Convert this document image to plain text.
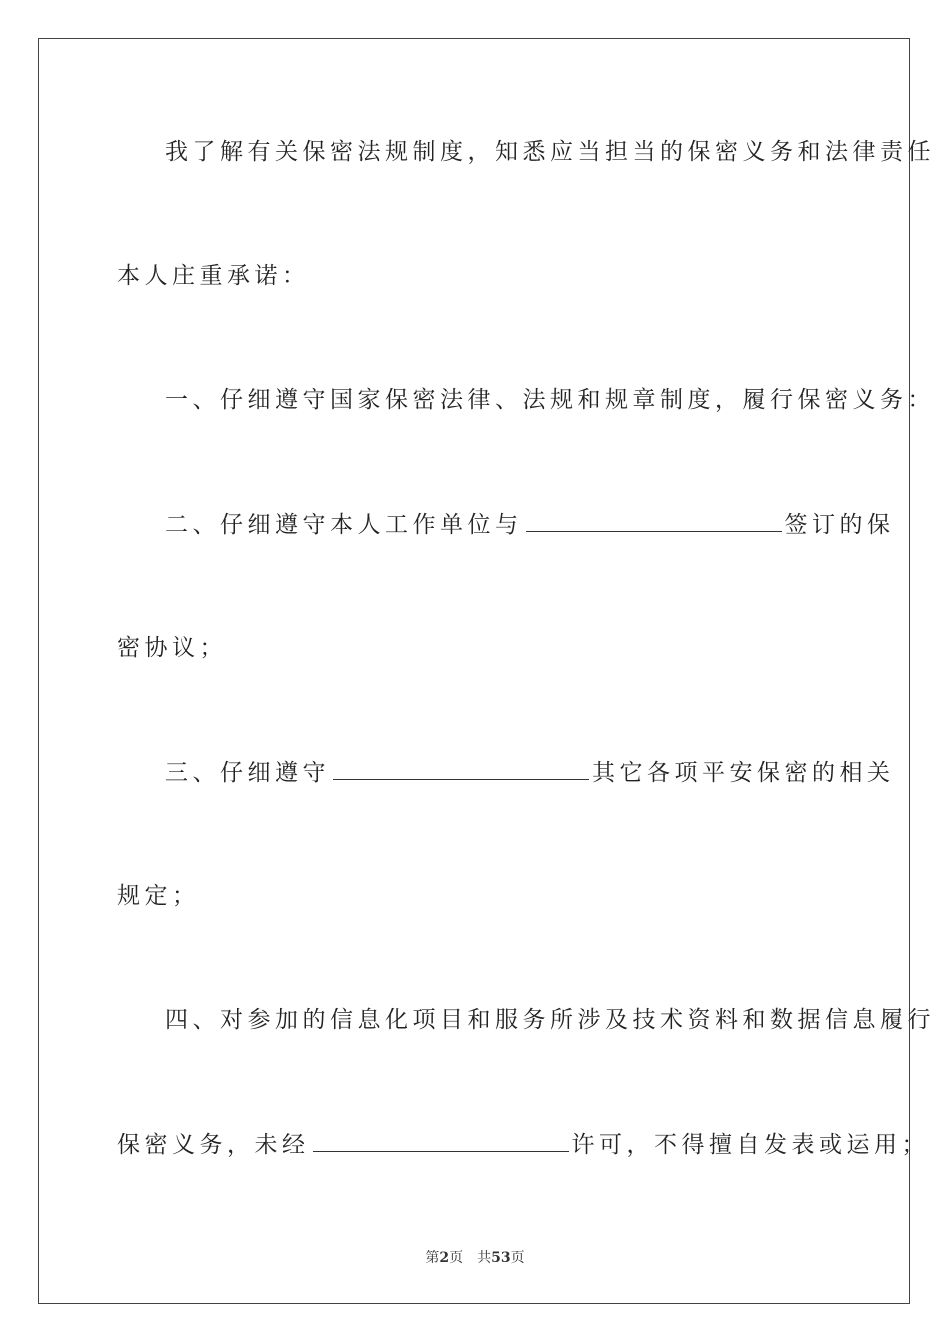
我了解有关保密法规制度，知悉应当担当的保密义务和法律责任
本人庄重承诺：
一、仔细遵守国家保密法律、法规和规章制度，履行保密义务：
二、仔细遵守本人工作单位与	签订的保
密协议；
三、仔细遵守	其它各项平安保密的相关
规定；
四、对参加的信息化项目和服务所涉及技术资料和数据信息履行
保密义务，未经	许可，不得擅自发表或运用；
第2页 共53页
